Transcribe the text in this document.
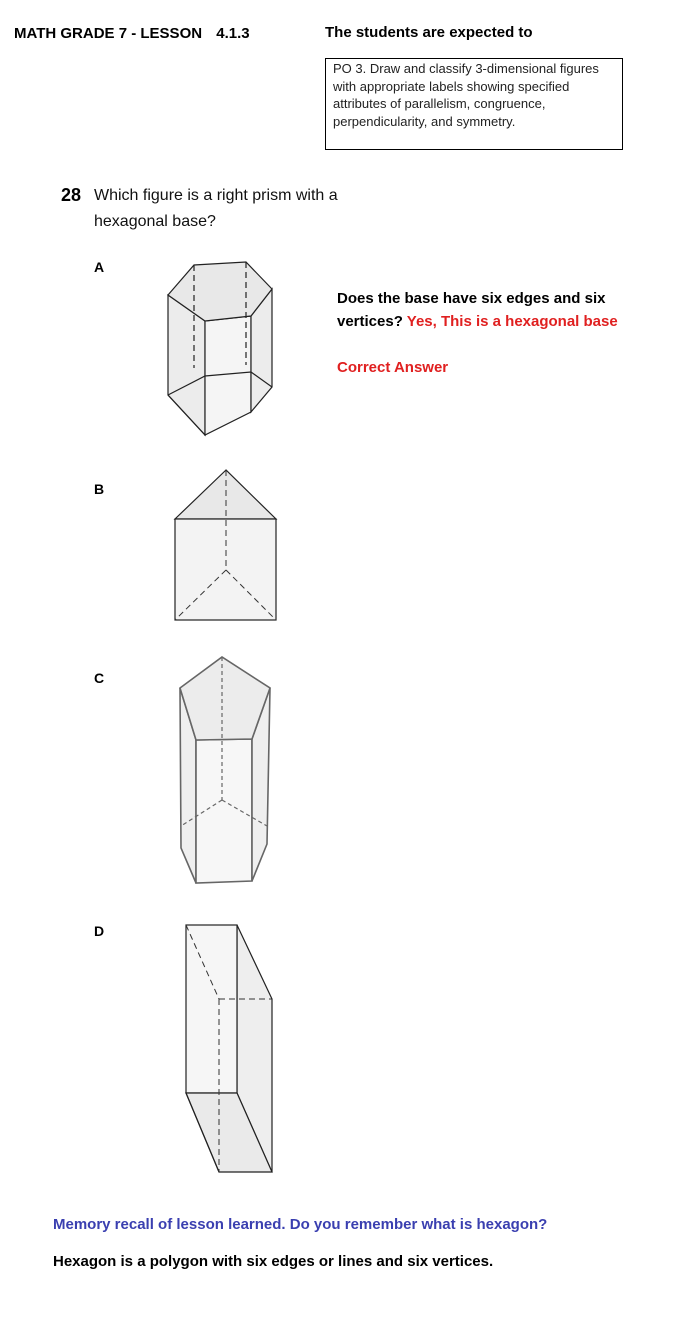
MATH GRADE 7 - LESSON 4.1.3	The students are expected to
PO 3. Draw and classify 3-dimensional figures with appropriate labels showing specified attributes of parallelism, congruence, perpendicularity, and symmetry.
28 Which figure is a right prism with a hexagonal base?
A
B
C
D
Does the base have six edges and six vertices? Yes, This is a hexagonal base
Correct Answer
Memory recall of lesson learned. Do you remember what is hexagon?
Hexagon is a polygon with six edges or lines and six vertices.
